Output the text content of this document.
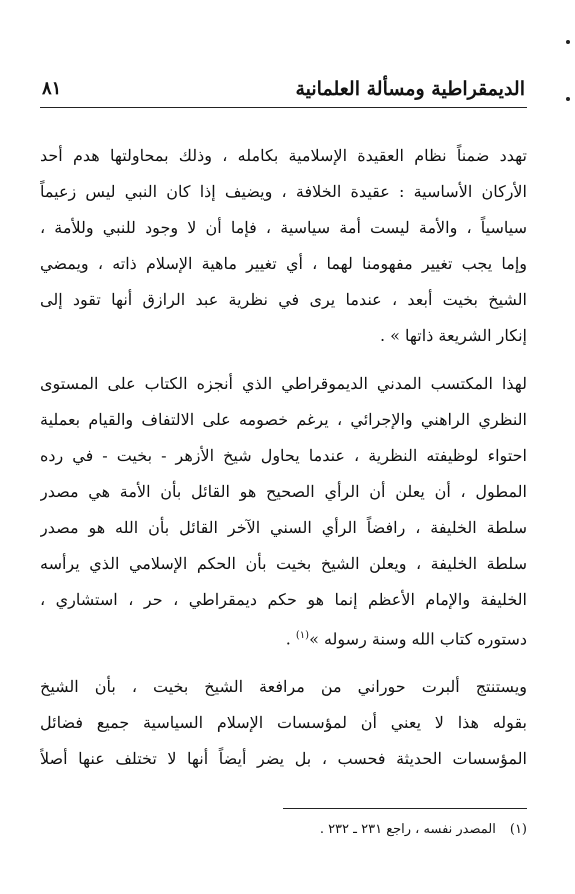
الديمقراطية ومسألة العلمانية
٨١

تهدد ضمناً نظام العقيدة الإسلامية بكامله ، وذلك بمحاولتها هدم أحد
الأركان الأساسية : عقيدة الخلافة ، ويضيف إذا كان النبي ليس زعيماً
سياسياً ، والأمة ليست أمة سياسية ، فإما أن لا وجود للنبي وللأمة ،
وإما يجب تغيير مفهومنا لهما ، أي تغيير ماهية الإسلام ذاته ، ويمضي
الشيخ بخيت أبعد ، عندما يرى في نظرية عبد الرازق أنها تقود إلى
إنكار الشريعة ذاتها » .

لهذا المكتسب المدني الديموقراطي الذي أنجزه الكتاب على المستوى
النظري الراهني والإجرائي ، يرغم خصومه على الالتفاف والقيام بعملية
احتواء لوظيفته النظرية ، عندما يحاول شيخ الأزهر - بخيت - في رده
المطول ، أن يعلن أن الرأي الصحيح هو القائل بأن الأمة هي مصدر
سلطة الخليفة ، رافضاً الرأي السني الآخر القائل بأن الله هو مصدر
سلطة الخليفة ، ويعلن الشيخ بخيت بأن الحكم الإسلامي الذي يرأسه
الخليفة والإمام الأعظم إنما هو حكم ديمقراطي ، حر ، استشاري ،
دستوره كتاب الله وسنة رسوله »$^{(١)}$ .

ويستنتج ألبرت حوراني من مرافعة الشيخ بخيت ، بأن الشيخ
بقوله هذا لا يعني أن لمؤسسات الإسلام السياسية جميع فضائل
المؤسسات الحديثة فحسب ، بل يضر أيضاً أنها لا تختلف عنها أصلاً

(١)المصدر نفسه ، راجع ٢٣١ ـ ٢٣٢ .
